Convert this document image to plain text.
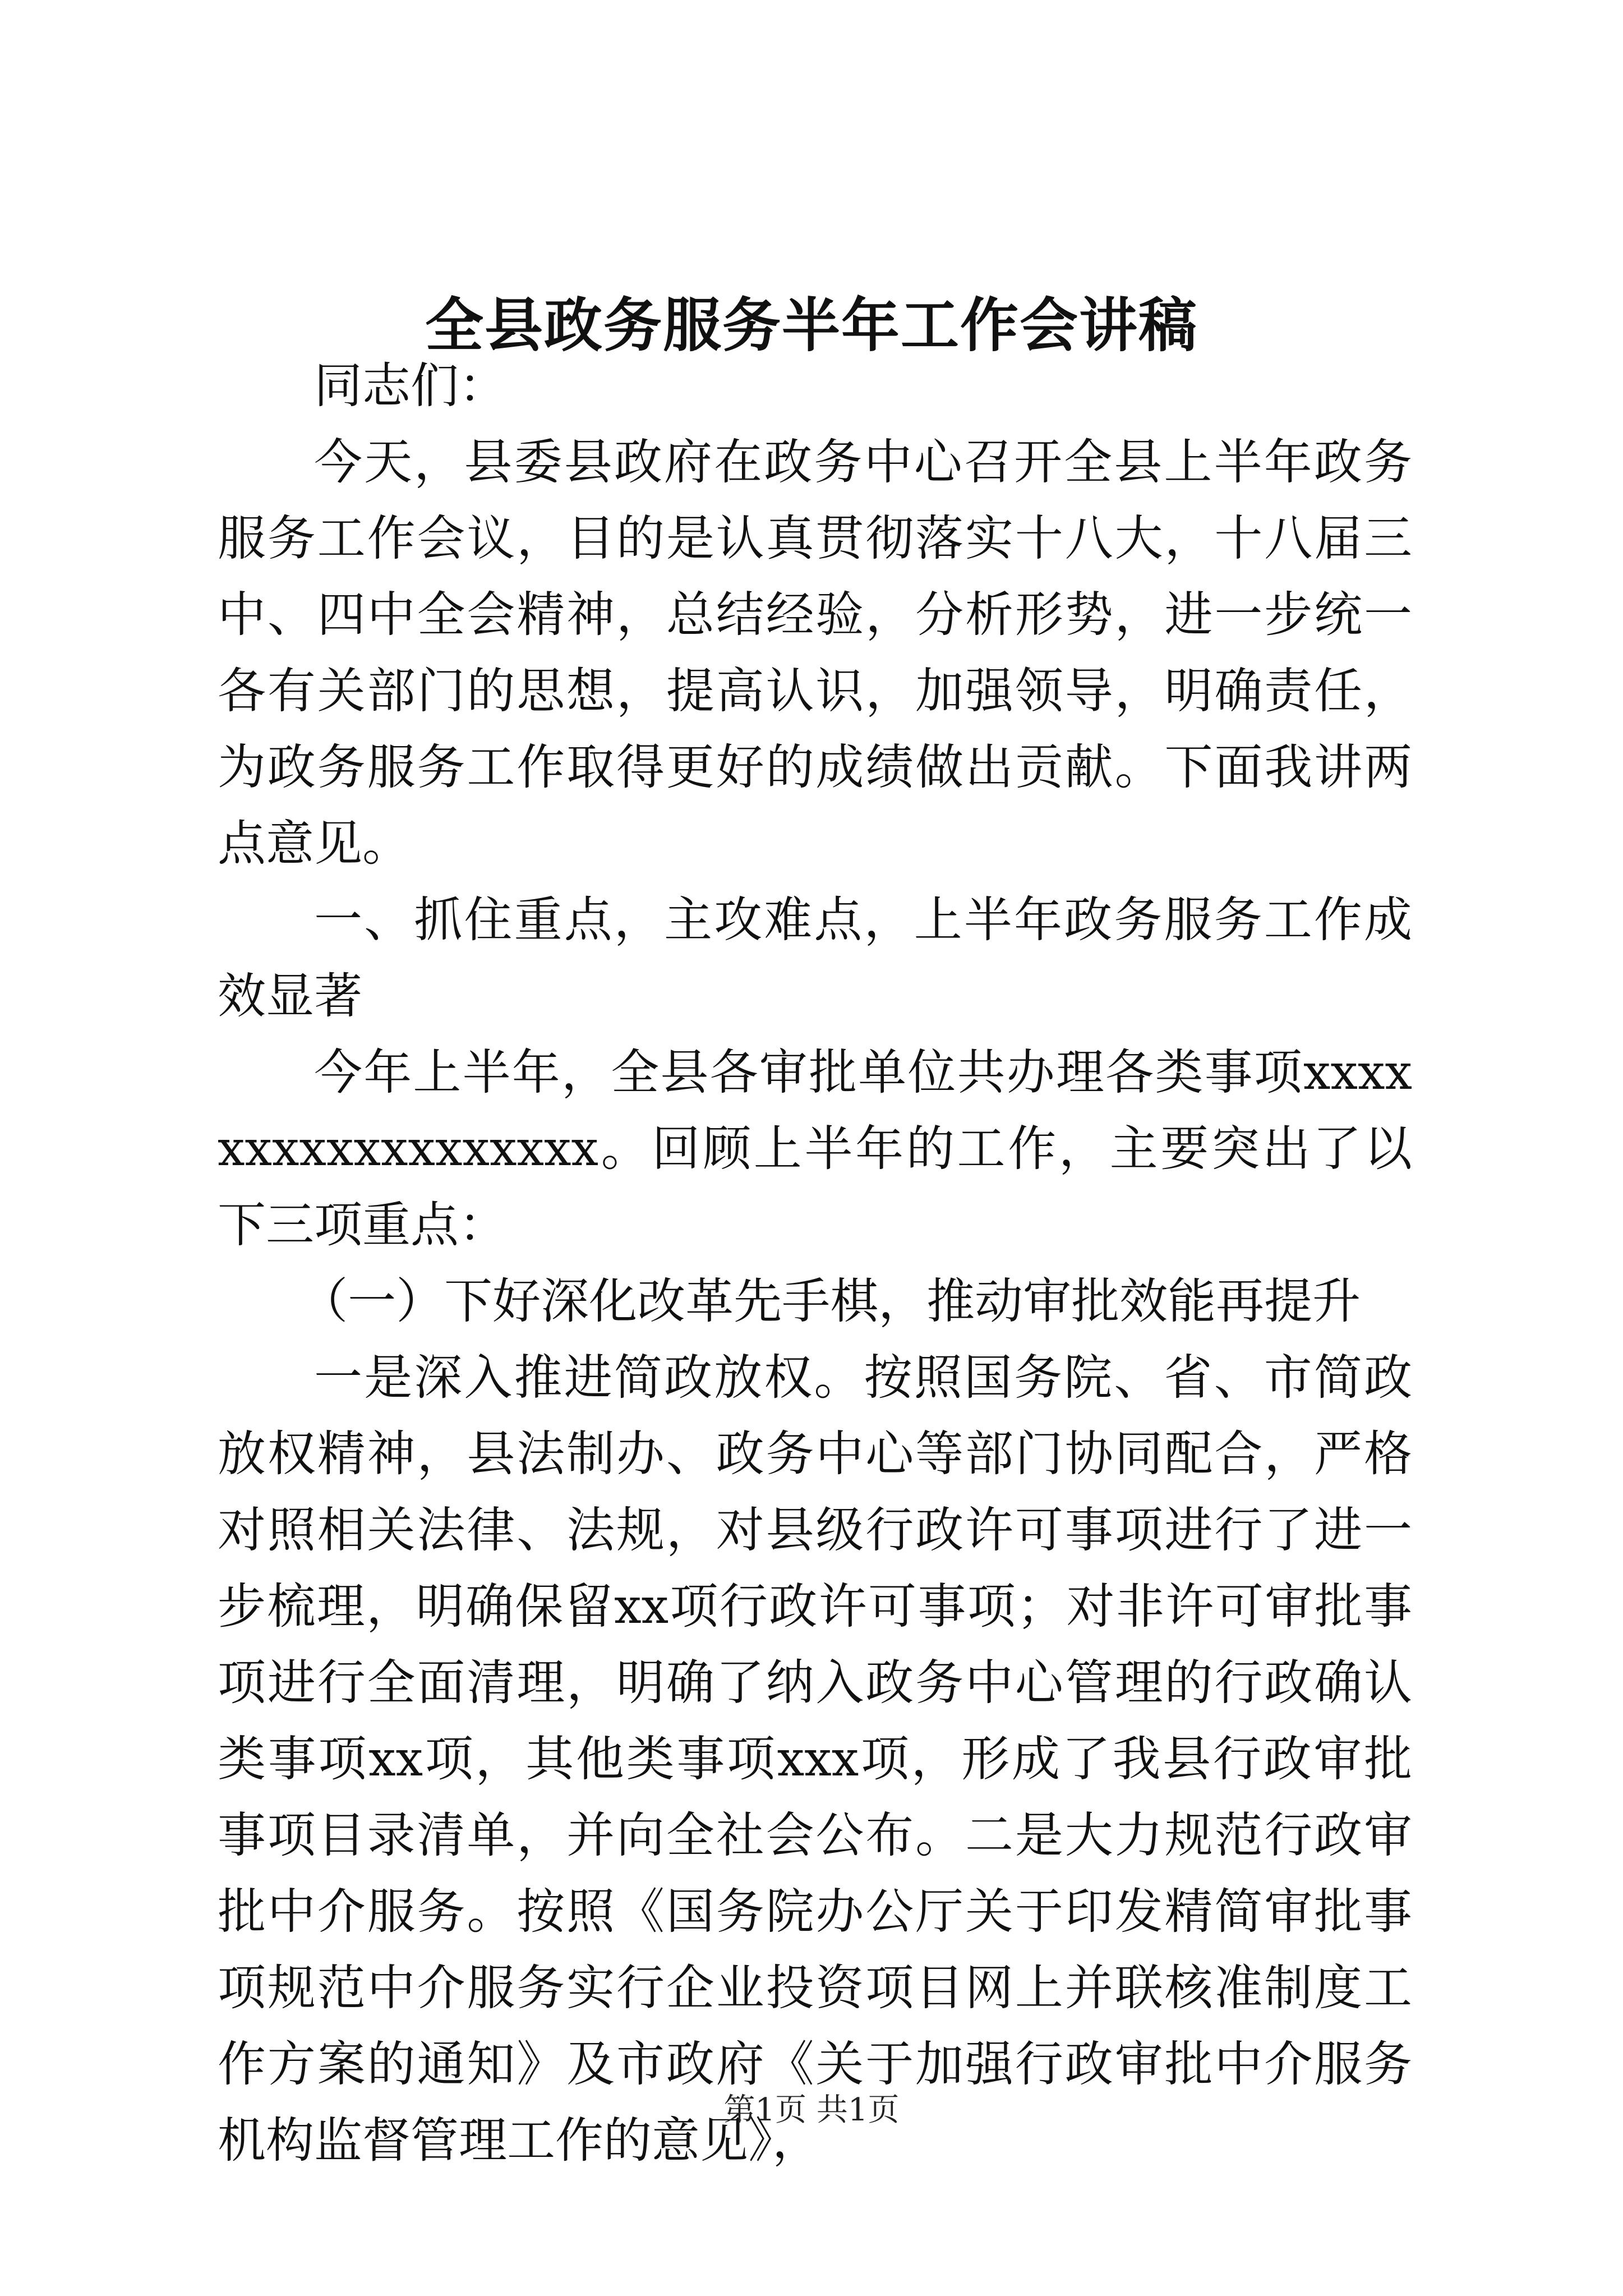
全县政务服务半年工作会讲稿

同志们：

今天，县委县政府在政务中心召开全县上半年政务服务工作会议，目的是认真贯彻落实十八大，十八届三中、四中全会精神，总结经验，分析形势，进一步统一各有关部门的思想，提高认识，加强领导，明确责任，为政务服务工作取得更好的成绩做出贡献。下面我讲两点意见。

一、抓住重点，主攻难点，上半年政务服务工作成效显著

今年上半年，全县各审批单位共办理各类事项xxxxxxxxxxxxxxxxxx。回顾上半年的工作，主要突出了以下三项重点：

（一）下好深化改革先手棋，推动审批效能再提升

一是深入推进简政放权。按照国务院、省、市简政放权精神，县法制办、政务中心等部门协同配合，严格对照相关法律、法规，对县级行政许可事项进行了进一步梳理，明确保留xx项行政许可事项；对非许可审批事项进行全面清理，明确了纳入政务中心管理的行政确认类事项xx项，其他类事项xxx项，形成了我县行政审批事项目录清单，并向全社会公布。二是大力规范行政审批中介服务。按照《国务院办公厅关于印发精简审批事项规范中介服务实行企业投资项目网上并联核准制度工作方案的通知》及市政府《关于加强行政审批中介服务机构监督管理工作的意见》，

第1页 共1页
